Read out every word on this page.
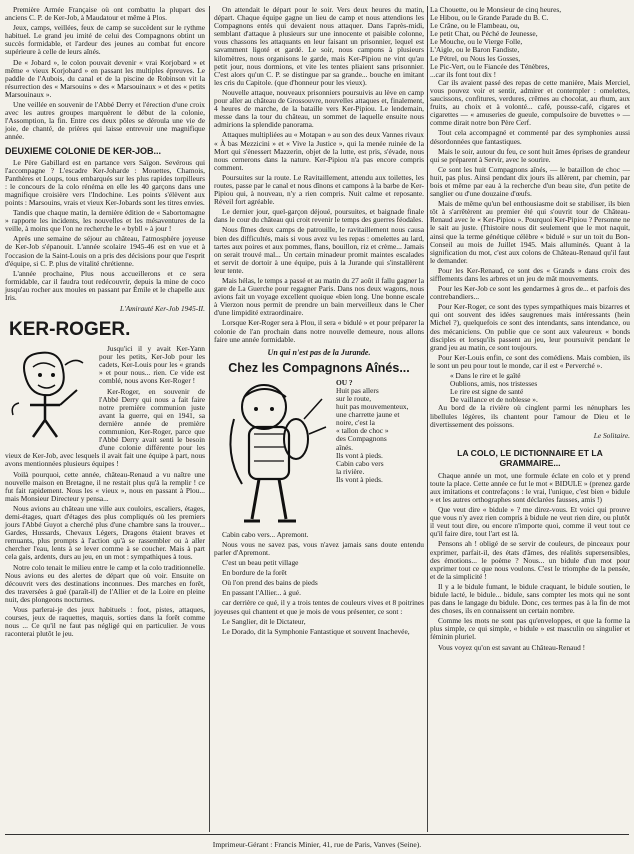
Première Armée Française où ont combattu la plupart des anciens C. P. de Ker-Job, à Maudatour et même à Plos.

Jeux, camps, veillées, feux de camp se succèdent sur le rythme habituel. Le grand jeu imité de celui des Compagnons obtint un succès formidable, et l'ardeur des jeunes au combat fut encore supérieure à celle de leurs aînés.

De « Jobard », le colon pouvait devenir « vrai Korjobard » et même « vieux Korjobard » en passant les multiples épreuves. Le paddle de l'Aubois, du canal et de la piscine de Robinson vit la résurrection des « Marsouins » des « Marsouinaux » et des « petits Marsouinaux ».

Une veillée en souvenir de l'Abbé Derry et l'érection d'une croix avec les autres groupes marquèrent le début de la colonie, l'Assomption, la fin. Entre ces deux pôles se déroula une vie de joie, de chanté, de prières qui laisse entrevoir une magnifique année.

DEUXIEME COLONIE DE KER-JOB...

Le Père Gabillard est en partance vers Saïgon. Sevérous qui l'accompagne ? L'escadre Ker-Joharde : Mouettes, Chamois, Panthères et Loups, tous embarqués sur les plus rapides torpilleurs : le concours de la colo rénéma en elle les 40 garçons dans une magnifique croisière vers l'Indochine. Les points s'élèvent aux points : Marsouins, vrais et vieux Ker-Jobards sont les titres envies.

Tandis que chaque matin, la dernière édition de « Sabortomagne » rapporte les incidents, les nouvelles et les mésaventures de la veille, à moins que l'on ne recherche le « bybll » à jour !

Après une semaine de séjour au château, l'atmosphère joyeuse de Ker-Job s'épanouit. L'année scolaire 1945-46 est en vue et à l'occasion de la Saint-Louis on a pris des décisions pour que l'esprit d'équipe, si C. P. plus de vitalité chrétienne.

L'année prochaine, Plus nous accueillerons et ce sera formidable, car il faudra tout redécouvrir, depuis la mine de coco jusqu'au rocher aux moules en passant par Émile et le chapelle aux Iris.

L'Amirauté Ker-Job 1945-II.
KER-ROGER.

Jusqu'ici il y avait Ker-Yann pour les petits, Ker-Job pour les cadets, Ker-Louis pour les « grands » et pour nous... rien. Ce vide est comblé, nous avons Ker-Roger !

Ker-Roger, en souvenir de l'Abbé Derry qui nous a fait faire notre première communion juste avant la guerre, qui en 1941, sa dernière année de première communion, Ker-Roger, parce que l'Abbé Derry avait senti le besoin d'une colonie différente pour les vieux de Ker-Job, avec lesquels il avait fait une équipe à part, nous avons mentionnées plusieurs équipes !

Voilà pourquoi, cette année, château-Renaud a vu naître une nouvelle maison en Bretagne, il ne restait plus qu'à la remplir ! ce fut fait rapidement. Nous les « vieux », nous en passant à Plou... mais Monsieur Directeur y pensa...

Nous avions au château une ville aux couloirs, escaliers, étages, demi-étages, quart d'étages des plus compliqués où les premiers jours l'Abbé Guyot a cherché plus d'une chambre sans la trouver... Gardes, Hussards, Chevaux Légers, Dragons étaient braves et remuants, plus prompts à l'action qu'à se rassembler ou à aller chercher l'eau, lents à se lever comme à se coucher. Mais à part cela gais, ardents, durs au jeu, en un mot : sympathiques à tous.

Notre colo tenait le milieu entre le camp et la colo traditionnelle. Nous avions eu des alertes de départ que où voir. Ensuite on découvrit vers des destinations inconnues. Des marches en forêt, des traversées à gué (paraît-il) de l'Allier et de la Loire en pleine nuit, des plongeons nocturnes.

Vous parlerai-je des jeux habituels : foot, pistes, attaques, courses, jeux de raquettes, maquis, sorties dans la forêt comme nous ... Ce qu'il ne faut pas négligé qui en particulier. Je vous raconterai plutôt le jeu.

On attendait le départ pour le soir. Vers deux heures du matin, départ. Chaque équipe gagne un lieu de camp et nous attendions les Compagnons entés qui devaient nous attaquer. Dans l'après-midi, semblant d'attaque à plusieurs sur une innocente et paisible colonne, vous chassons les attaquants en leur faisant un prisonnier, lequel est savamment ligoté et gardé. Le soir, nous campons à plusieurs kilomètres, nous organisons le garde, mais Ker-Pipiou ne vint qu'au petit jour, nous dormions, et vite les tentes pliaient sans prisonnier. C'est alors qu'un C. P. se distingue par sa grande... bouche en imitant les cris du Capitole. (que d'honneur pour les vieux).

Nouvelle attaque, nouveaux prisonniers poursuivis au lève en camp pour aller au château de Grossouvre, nouvelles attaques et, finalement, 4 heures de marche, de la bataille vers Ker-Pipiou. Le lendemain, messe dans la tour du château, un sommet de laquelle ensuite nous admirions la splendide panorama.

Attaques multipliées au « Motapan » au son des deux Vannes rivaux « À bas Mezzicini » et « Vive la Justice », qui la menée ruinée de la Mort qui s'ènessert Mazzerin, objet de la lutte, est pris, s'évade, nous nous cernerons dans la nature. Ker-Pipiou n'a pas encore compris comment.

Poursuites sur la route. Le Ravitaillement, attendu aux toilettes, les routes, passe par le canal et nous dînons et campons à la barbe de Ker-Pipiou qui, à nouveau, n'y a rien compris. Nuit calme et reposante. Réveil fort agréable.

Le dernier jour, quel-garçon déjoué, poursuites, et baignade finale dans le cour du château qui croit revenir le temps des guerres féodales.

Nous fîmes deux camps de patrouille, le ravitaillement nous causa bien des difficultés, mais si vous avez vu les repas : omelettes au lard, tartes aux poires et aux pommes, flans, bouillon, riz et crème... Jamais on serait trouvé mal... Un certain minadeur promit maintes escalades et servit de dortoir à une équipe, puis à la Jurande qui s'installèrent leur tente.

Mais hélas, le temps a passé et au matin du 27 août il fallu gagner la gare de La Guerche pour regagner Paris. Dans nos deux wagons, nous avions fait un voyage excellent quoique «bien long. Une bonne escale à Vierzon nous permit de prendre un bain merveilleux dans le Cher d'une limpidité extraordinaire.

Lorsque Ker-Roger sera à Plou, il sera « bidulé » et pour préparer la colonie de l'an prochain dans notre nouvelle demeure, nous allons faire une année formidable.

Un qui n'est pas de la Jurande.
Chez les Compagnons Aînés...

OU ?

Huit pas allers

sur le route,

huit pas mouvementeux,

une charrette jaune et

noire, c'est la

« tallon de choc »

des Compagnons

aînés.

Ils vont à pieds.

Cabin cabo vers

la rivière.

Ils vont à pieds.

Cabin cabo vers... Apremont.

Nous vous ne savez pas, vous n'avez jamais sans doute entendu parler d'Apremont.

C'est un beau petit village

En bordure de la forêt

Où l'on prend des bains de pieds

En passant l'Allier... à gué.

car derrière ce qué, il y a trois tentes de couleurs vives et 8 poitrines joyeuses qui chantent et que je mois de vous présenter, ce sont :

Le Sanglier, dit le Dictateur,

Le Dorado, dit la Symphonie Fantastique et souvent Inachevée,

La Chouette, ou le Monsieur de cinq heures,

Le Hibou, ou le Grande Parade du B. C.

Le Crâne, ou le Flambeau, ou,

Le petit Chat, ou Péché de Jeunesse,

Le Mouche, ou le Vierge Folle,

L'Aigle, ou le Baron Fandiste,

Le Pétrel, ou Nous les Gosses,

Le Pic-Vert, ou le Fiancée des Ténèbres,

...car ils font tout dix !

Car ils avaient passé des repas de cette manière, Mais Merciel, vous pouvez voir et sentir, admirer et contempler : omelettes, saucissons, confitures, verdures, crêmes au chocolat, au rhum, aux fruits, au choix et à volonté... café, pousse-café, cigares et cigarettes — « amuseries de gueule, compulsoire de buvettes » — comme dirait notre bon Père Cerf.

Tout cela accompagné et commenté par des symphonies aussi désordonnées que fantastiques.

Mais le soir, autour du feu, ce sont huit âmes éprises de grandeur qui se préparent à Servir, avec le sourire.

Ce sont les huit Compagnons aînés, — le bataillon de choc — huit, pas plus. Ainsi pendant dix jours ils allèrent, par chemin, par bois et même par eau à la recherche d'un beau site, d'un petite de sanglier ou d'une douzaine d'œufs.

Mais de même qu'un bel enthousiasme doit se stabiliser, ils bien tôt à s'arrêtèrent au premier été qui s'ouvrit tour de Château-Renaud avec le « Ker-Pipiou ». Pourquoi Ker-Pipiou ? Personne ne le sait au juste. (l'histoire nous dit seulement que le mot naquit, ainsi que la terme génétique célèbre « bidulé » sur un toit du Bon-Conseil au mois de Juillet 1945. Mais alluminés. Quant à la signification du mot, c'est aux colons de Château-Renaud qu'il faut le demander.

Pour les Ker-Renaud, ce sont des « Grands » dans croix des sifflements dans les arbres et un jeu de mât mouvements.

Pour les Ker-Job ce sont les gendarmes à gros de... et parfois des contrebandiers...

Pour Ker-Roger, ce sont des types sympathiques mais bizarres et qui ont souvent des idées saugrenues mais intéressants (hein Michel ?), quelquefois ce sont des intendants, sans intendance, ou des mécaniciens. On publie que ce sont aux valeureux « bonds disciples et lorsqu'ils passent au jeu, leur poursuivit pendant le grand jeu au matin, ce sont toujours.

Pour Ker-Louis enfin, ce sont des comédiens. Mais combien, ils le sont un peu pour tout le monde, car il est « Perverché ».

« Dans le rire et le gaîté

Oublions, amis, nos tristesses

Le rire est signe de santé

De vaillance et de noblesse ».

Au bord de la rivière où cinglent parmi les nénuphars les libellules légères, ils chantent pour l'amour de Dieu et le divertissement des poissons.

Le Solitaire.
LA COLO, LE DICTIONNAIRE ET LA GRAMMAIRE...

Chaque année un mot, une formule éclate en colo et y prend toute la place. Cette année ce fut le mot « BIDULE » (prenez garde aux imitations et contrefaçons : le vrai, l'unique, c'est bien « bidule » et les autres orthographes sont déclarées fausses, amis !)

Que veut dire « bidule » ? me direz-vous. Et voici qui prouve que vous n'y avez rien compris à bidule ne veut rien dire, ou plutôt il veut tout dire, ou encore n'importe quoi, comme il veut tout ce qu'il faire dire, tout l'art est là.

Pensons ah ! obligé de se servir de couleurs, de pinceaux pour exprimer, parfait-il, des états d'âmes, des réalités supersensibles, des émotions... le poème ? Nous... un bidule d'un mot pour exprimer tout ce que nous voulons. C'est le triomphe de la pensée, et de la simplicité !

Il y a le bidule fumant, le bidule craquant, le bidule soutien, le bidule lacté, le bidule... bidule, sans compter les mots qui ne sont pas dans le langage du bidule. Donc, ces termes pas à la fin de mot des choses, ils en connaissent un certain nombre.

Comme les mots ne sont pas qu'enveloppes, et que la forme la plus simple, ce qui simple, « bidule » est masculin ou singulier et féminin pluriel.

Vous voyez qu'on est savant au Château-Renaud !

Imprimeur-Gérant : Francis Minier, 41, rue de Paris, Vanves (Seine).
